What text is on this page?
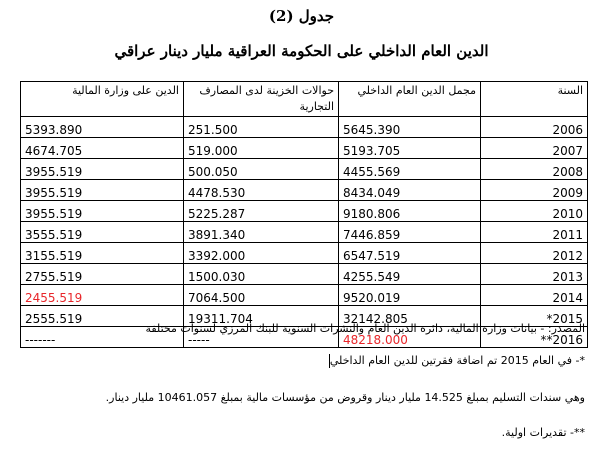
جدول (2)
الدين العام الداخلي على الحكومة العراقية مليار دينار عراقي
السنة	مجمل الدين العام الداخلي	حوالات الخزينة لدى المصارف التجارية	الدين على وزارة المالية
2006	5645.390	251.500	5393.890
2007	5193.705	519.000	4674.705
2008	4455.569	500.050	3955.519
2009	8434.049	4478.530	3955.519
2010	9180.806	5225.287	3955.519
2011	7446.859	3891.340	3555.519
2012	6547.519	3392.000	3155.519
2013	4255.549	1500.030	2755.519
2014	9520.019	7064.500	2455.519
2015*	32142.805	19311.704	2555.519
2016**	48218.000	-----	-------
المصدر: - بيانات وزارة المالية، دائرة الدين العام والنشرات السنوية للبنك المرزي لسنوات مختلفة
*- في العام 2015 تم اضافة فقرتين للدين العام الداخلي
وهي سندات التسليم بمبلغ 14.525 مليار دينار وقروض من مؤسسات مالية بمبلغ 10461.057 مليار دينار.
**- تقديرات اولية.
